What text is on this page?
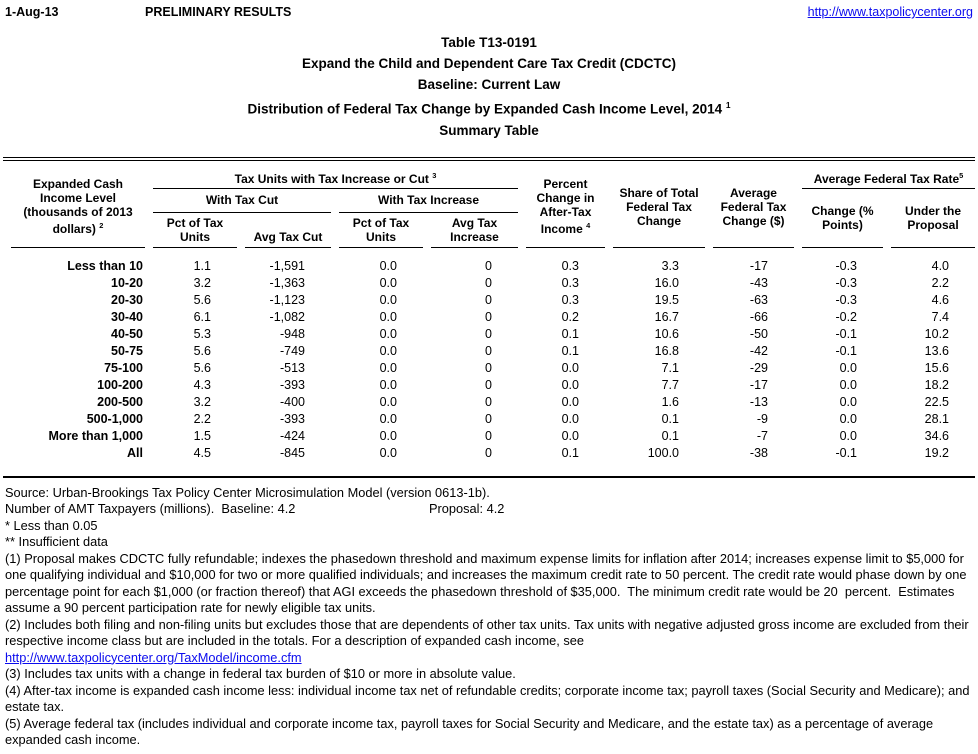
1-Aug-13	PRELIMINARY RESULTS	http://www.taxpolicycenter.org
Table T13-0191
Expand the Child and Dependent Care Tax Credit (CDCTC)
Baseline: Current Law
Distribution of Federal Tax Change by Expanded Cash Income Level, 2014 $^1$
Summary Table
Expanded Cash Income Level (thousands of 2013 dollars) $^2$	Tax Units with Tax Increase or Cut $^3$				Percent Change in After-Tax Income $^4$	Share of Total Federal Tax Change	Average Federal Tax Change ($)	Average Federal Tax Rate$^5$
	With Tax Cut		With Tax Increase					Change (% Points)	Under the Proposal
	Pct of Tax Units	Avg Tax Cut	Pct of Tax Units	Avg Tax Increase					
Less than 10	1.1	-1,591	0.0	0	0.3	3.3	-17	-0.3	4.0
10-20	3.2	-1,363	0.0	0	0.3	16.0	-43	-0.3	2.2
20-30	5.6	-1,123	0.0	0	0.3	19.5	-63	-0.3	4.6
30-40	6.1	-1,082	0.0	0	0.2	16.7	-66	-0.2	7.4
40-50	5.3	-948	0.0	0	0.1	10.6	-50	-0.1	10.2
50-75	5.6	-749	0.0	0	0.1	16.8	-42	-0.1	13.6
75-100	5.6	-513	0.0	0	0.0	7.1	-29	0.0	15.6
100-200	4.3	-393	0.0	0	0.0	7.7	-17	0.0	18.2
200-500	3.2	-400	0.0	0	0.0	1.6	-13	0.0	22.5
500-1,000	2.2	-393	0.0	0	0.0	0.1	-9	0.0	28.1
More than 1,000	1.5	-424	0.0	0	0.0	0.1	-7	0.0	34.6
All	4.5	-845	0.0	0	0.1	100.0	-38	-0.1	19.2

Source: Urban-Brookings Tax Policy Center Microsimulation Model (version 0613-1b).

Number of AMT Taxpayers (millions).  Baseline: 4.2	Proposal: 4.2

* Less than 0.05

** Insufficient data

(1) Proposal makes CDCTC fully refundable; indexes the phasedown threshold and maximum expense limits for inflation after 2014; increases expense limit to $5,000 for one qualifying individual and $10,000 for two or more qualified individuals; and increases the maximum credit rate to 50 percent. The credit rate would phase down by one percentage point for each $1,000 (or fraction thereof) that AGI exceeds the phasedown threshold of $35,000.  The minimum credit rate would be 20  percent.  Estimates assume a 90 percent participation rate for newly eligible tax units.

(2) Includes both filing and non-filing units but excludes those that are dependents of other tax units. Tax units with negative adjusted gross income are excluded from their respective income class but are included in the totals. For a description of expanded cash income, see

http://www.taxpolicycenter.org/TaxModel/income.cfm

(3) Includes tax units with a change in federal tax burden of $10 or more in absolute value.

(4) After-tax income is expanded cash income less: individual income tax net of refundable credits; corporate income tax; payroll taxes (Social Security and Medicare); and estate tax.

(5) Average federal tax (includes individual and corporate income tax, payroll taxes for Social Security and Medicare, and the estate tax) as a percentage of average expanded cash income.
